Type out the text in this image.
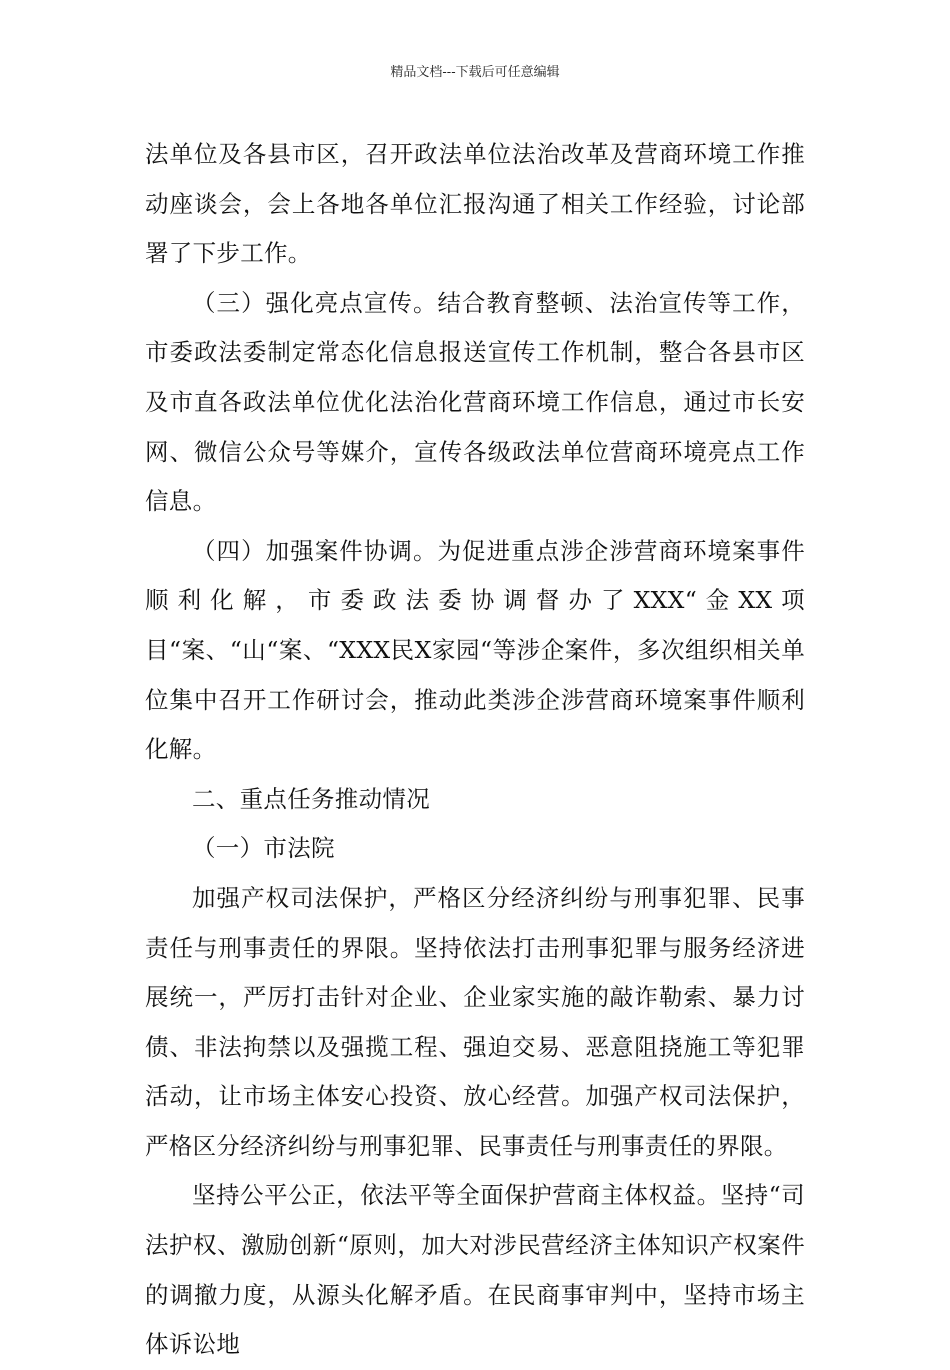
精品文档---下载后可任意编辑

法单位及各县市区，召开政法单位法治改革及营商环境工作推动座谈会，会上各地各单位汇报沟通了相关工作经验，讨论部署了下步工作。

（三）强化亮点宣传。结合教育整顿、法治宣传等工作，市委政法委制定常态化信息报送宣传工作机制，整合各县市区及市直各政法单位优化法治化营商环境工作信息，通过市长安网、微信公众号等媒介，宣传各级政法单位营商环境亮点工作信息。

（四）加强案件协调。为促进重点涉企涉营商环境案事件顺利化解，市委政法委协调督办了XXX“金XX项目“案、“山“案、“XXX民X家园“等涉企案件，多次组织相关单位集中召开工作研讨会，推动此类涉企涉营商环境案事件顺利化解。

二、重点任务推动情况

（一）市法院

加强产权司法保护，严格区分经济纠纷与刑事犯罪、民事责任与刑事责任的界限。坚持依法打击刑事犯罪与服务经济进展统一，严厉打击针对企业、企业家实施的敲诈勒索、暴力讨债、非法拘禁以及强揽工程、强迫交易、恶意阻挠施工等犯罪活动，让市场主体安心投资、放心经营。加强产权司法保护，严格区分经济纠纷与刑事犯罪、民事责任与刑事责任的界限。

坚持公平公正，依法平等全面保护营商主体权益。坚持“司法护权、激励创新“原则，加大对涉民营经济主体知识产权案件的调撤力度，从源头化解矛盾。在民商事审判中，坚持市场主体诉讼地
